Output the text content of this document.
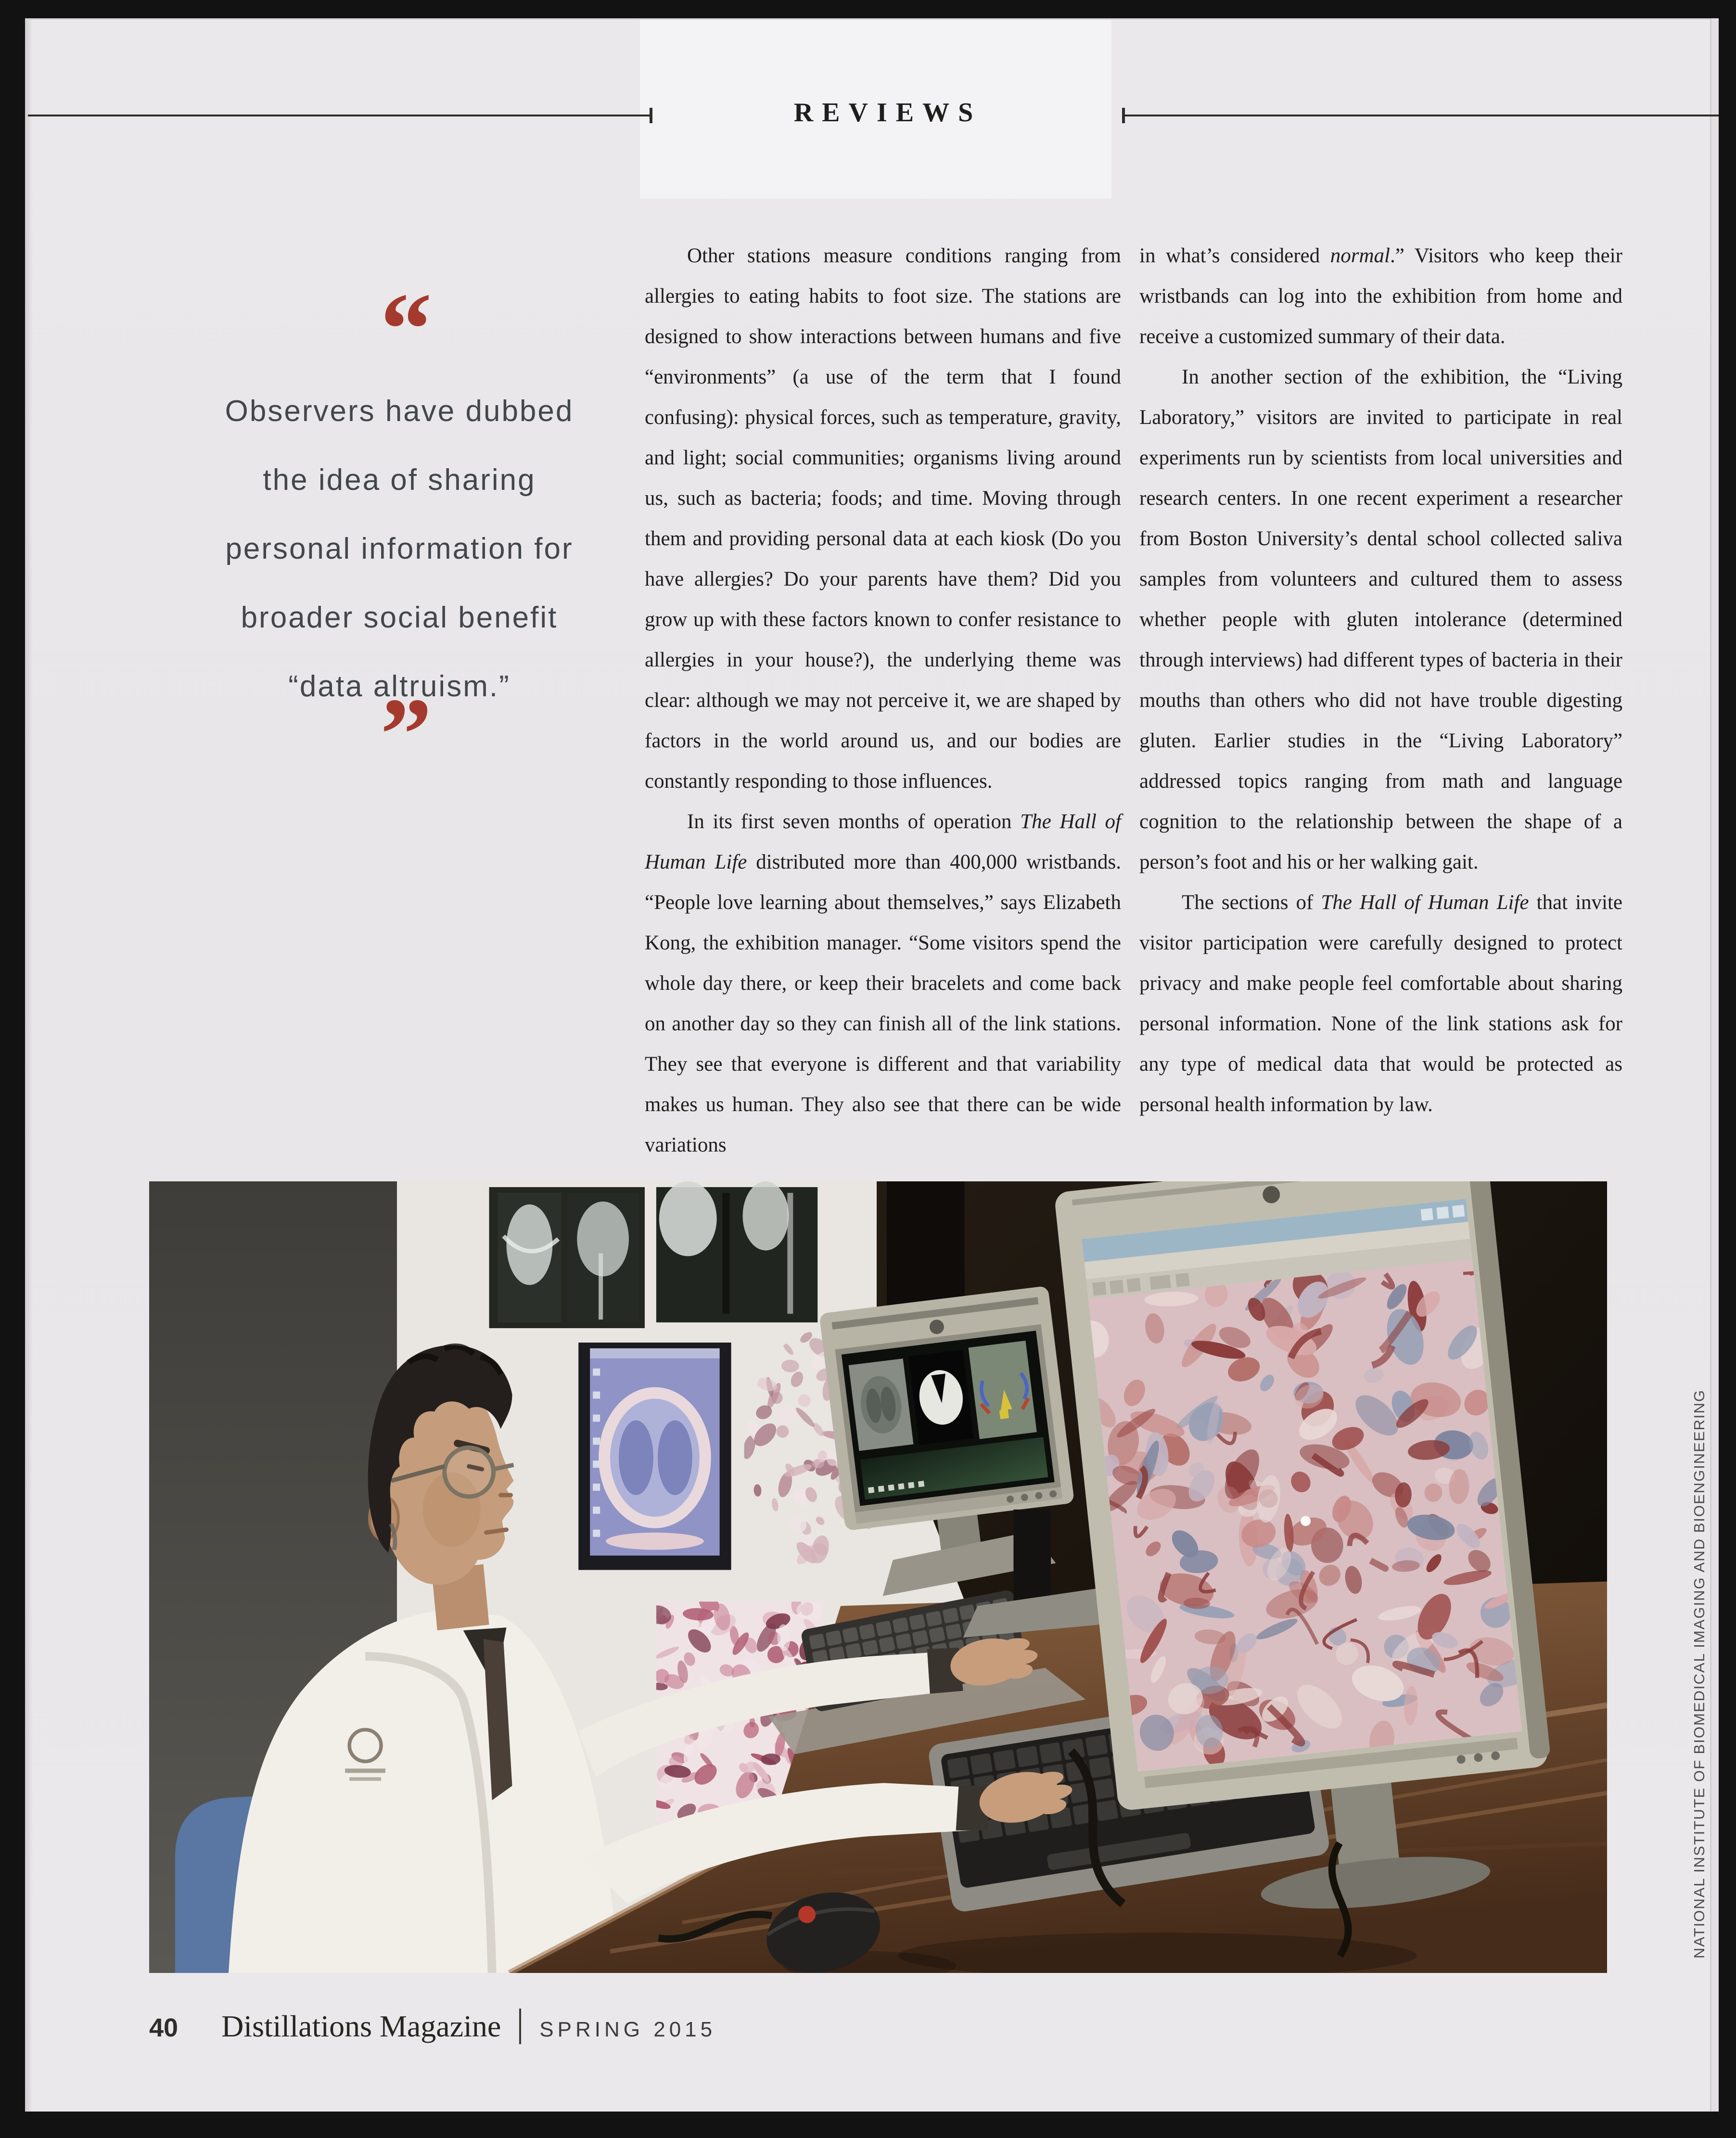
REVIEWS
“
Observers have dubbed
the idea of sharing
personal information for
broader social benefit
“data altruism.”
”

Other stations measure conditions ranging from allergies to eating habits to foot size. The stations are designed to show interactions between humans and five “environments” (a use of the term that I found confusing): physical forces, such as temperature, gravity, and light; social communities; organisms living around us, such as bacteria; foods; and time. Moving through them and providing personal data at each kiosk (Do you have allergies? Do your parents have them? Did you grow up with these factors known to confer resistance to allergies in your house?), the underlying theme was clear: although we may not perceive it, we are shaped by factors in the world around us, and our bodies are constantly responding to those influences.

In its first seven months of operation The Hall of Human Life distributed more than 400,000 wristbands. “People love learning about themselves,” says Elizabeth Kong, the exhibition manager. “Some visitors spend the whole day there, or keep their bracelets and come back on another day so they can finish all of the link stations. They see that everyone is different and that variability makes us human. They also see that there can be wide variations

in what’s considered normal.” Visitors who keep their wristbands can log into the exhibition from home and receive a customized summary of their data.

In another section of the exhibition, the “Living Laboratory,” visitors are invited to participate in real experiments run by scientists from local universities and research centers. In one recent experiment a researcher from Boston University’s dental school collected saliva samples from volunteers and cultured them to assess whether people with gluten intolerance (determined through interviews) had different types of bacteria in their mouths than others who did not have trouble digesting gluten. Earlier studies in the “Living Laboratory” addressed topics ranging from math and language cognition to the relationship between the shape of a person’s foot and his or her walking gait.

The sections of The Hall of Human Life that invite visitor participation were carefully designed to protect privacy and make people feel comfortable about sharing personal information. None of the link stations ask for any type of medical data that would be protected as personal health information by law.

NATIONAL INSTITUTE OF BIOMEDICAL IMAGING AND BIOENGINEERING
40 Distillations Magazine SPRING 2015
